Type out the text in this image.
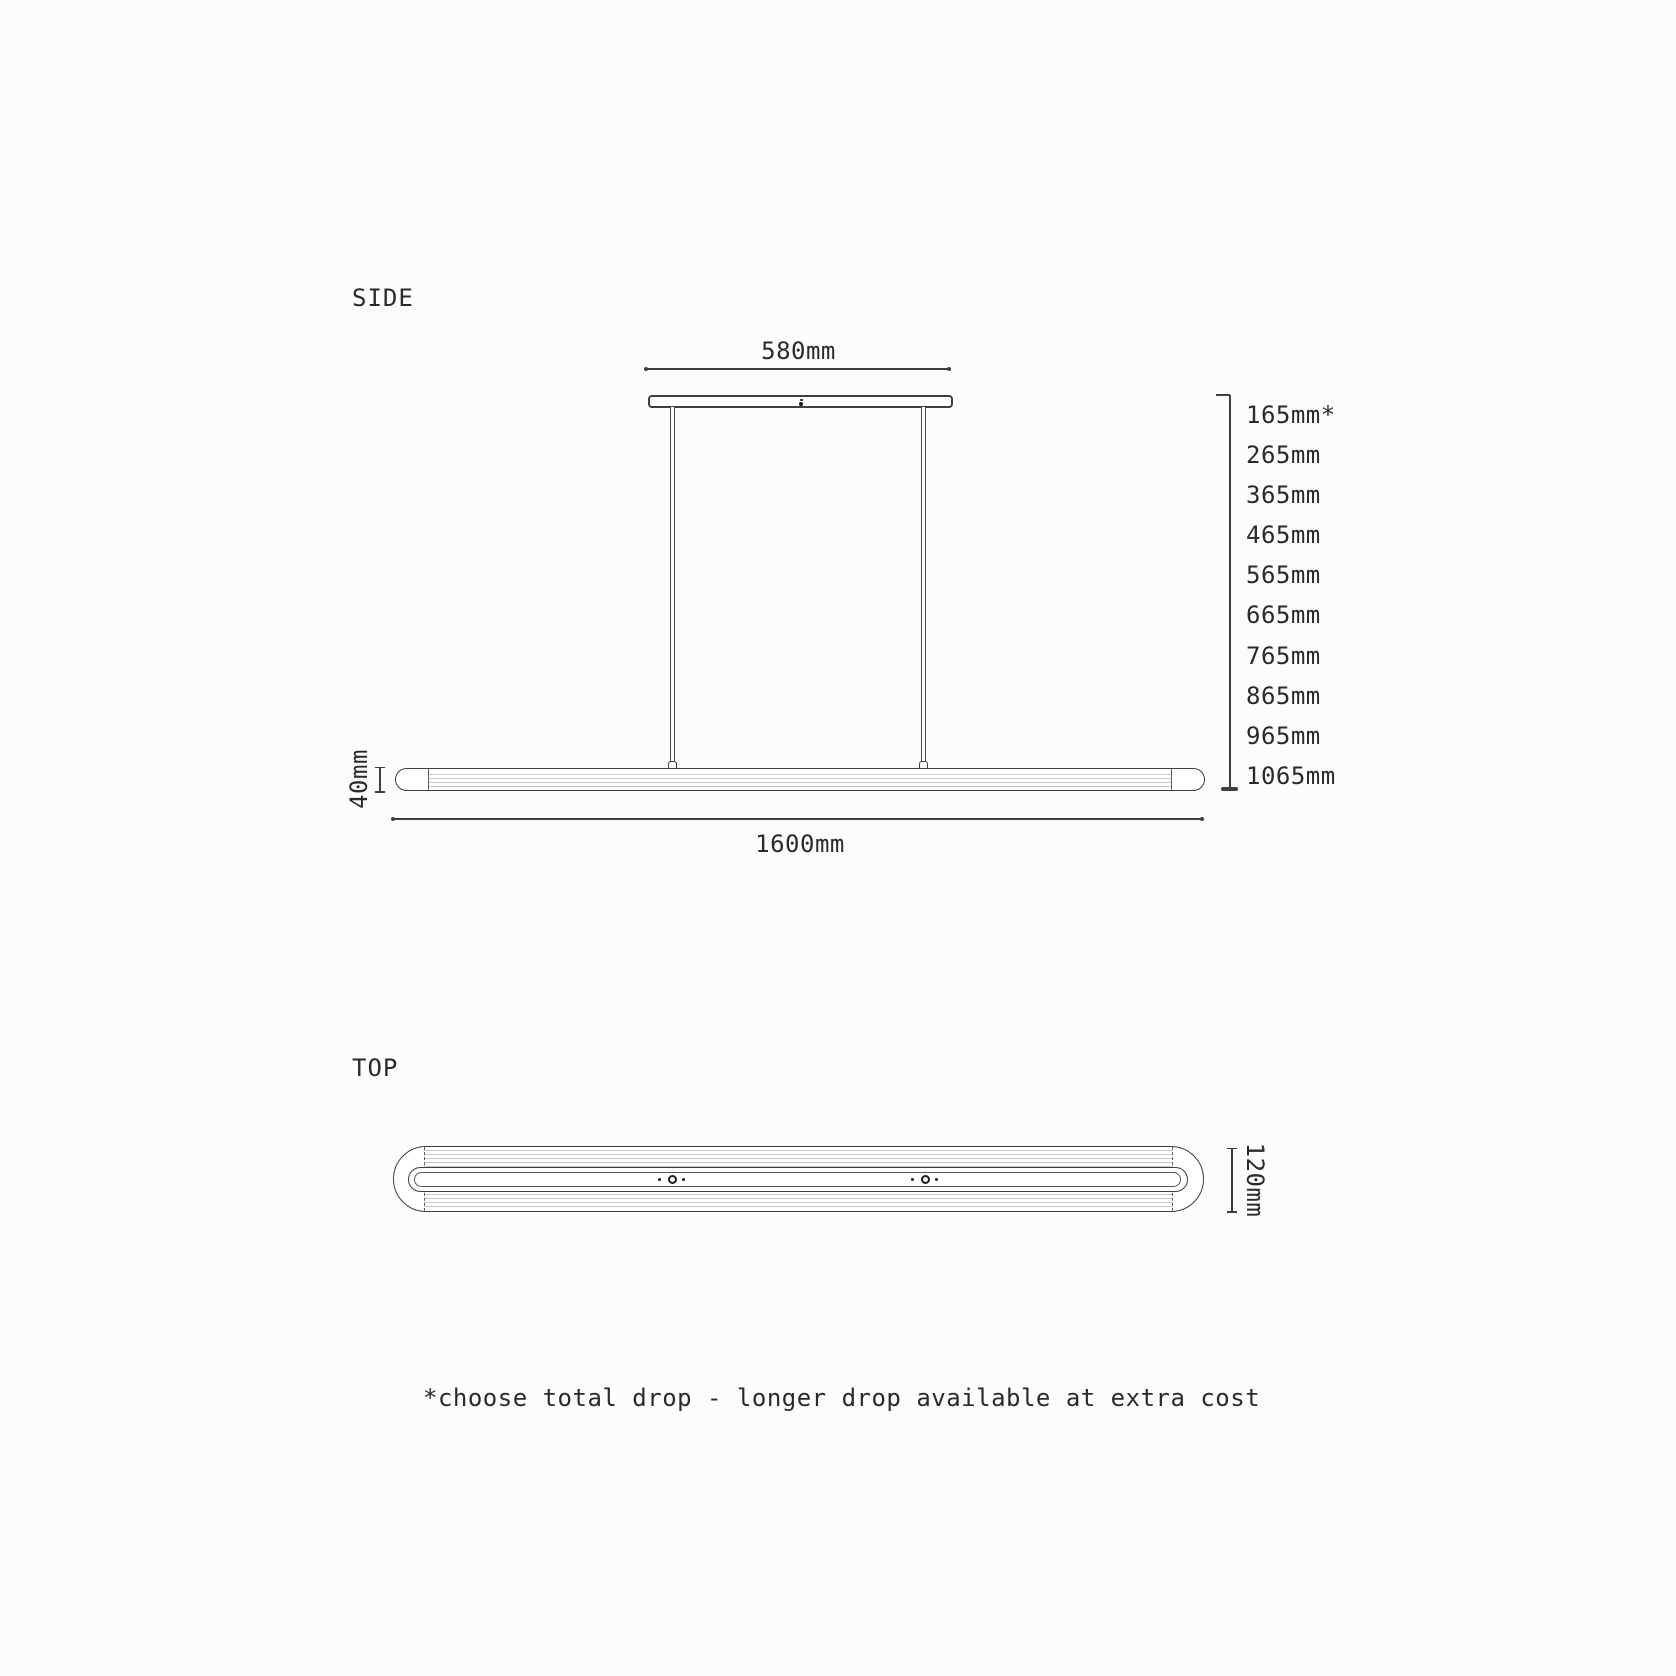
SIDE
580mm
40mm
1600mm
165mm*
265mm
365mm
465mm
565mm
665mm
765mm
865mm
965mm
1065mm
TOP
120mm
*choose total drop - longer drop available at extra cost
